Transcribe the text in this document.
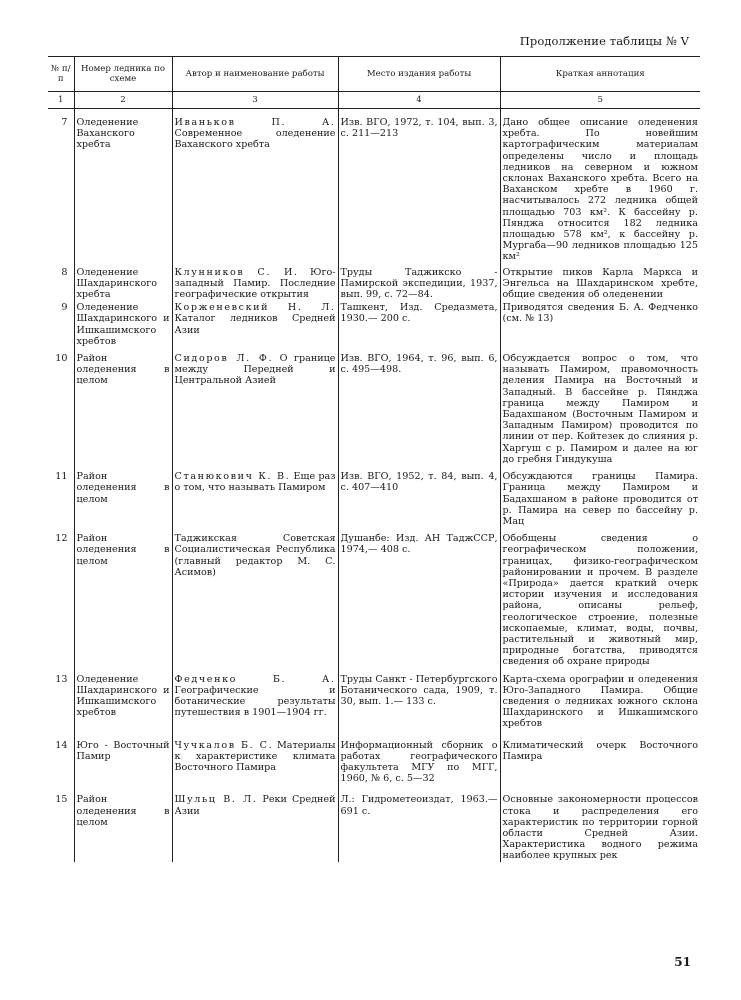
Продолжение таблицы № V
№ п/п	Номер ледника по схеме	Автор и наименование работы	Место издания работы	Краткая аннотация
1	2	3	4	5

7	Оледенение Ваханского хребта	Иваньков П. А. Современное оледенение Ваханского хребта	Изв. ВГО, 1972, т. 104, вып. 3, с. 211—213	Дано общее описание оледенения хребта. По новейшим картографическим материалам определены число и площадь ледников на северном и южном склонах Ваханского хребта. Всего на Ваханском хребте в 1960 г. насчитывалось 272 ледника общей площадью 703 км². К бассейну р. Пянджа относится 182 ледника площадью 578 км², к бассейну р. Мургаба—90 ледников площадью 125 км²

8	Оледенение Шахдаринского хребта	Клунников С. И. Юго-западный Памир. Последние географические открытия	Труды Таджикско - Памирской экспедиции, 1937, вып. 99, с. 72—84.	Открытие пиков Карла Маркса и Энгельса на Шахдаринском хребте, общие сведения об оледенении

9	Оледенение Шахдаринского и Ишкашимского хребтов	Корженевский Н. Л. Каталог ледников Средней Азии	Ташкент, Изд. Средазмета, 1930.— 200 с.	Приводятся сведения Б. А. Федченко (см. № 13)

10	Район оледенения в целом	Сидоров Л. Ф. О границе между Передней и Центральной Азией	Изв. ВГО, 1964, т. 96, вып. 6, с. 495—498.	Обсуждается вопрос о том, что называть Памиром, правомочность деления Памира на Восточный и Западный. В бассейне р. Пянджа граница между Памиром и Бадахшаном (Восточным Памиром и Западным Памиром) проводится по линии от пер. Койтезек до слияния р. Харгуш с р. Памиром и далее на юг до гребня Гиндукуша

11	Район оледенения в целом	Станюкович К. В. Еще раз о том, что называть Памиром	Изв. ВГО, 1952, т. 84, вып. 4, с. 407—410	Обсуждаются границы Памира. Граница между Памиром и Бадахшаном в районе проводится от р. Памира на север по бассейну р. Мац

12	Район оледенения в целом	Таджикская Советская Социалистическая Республика (главный редактор М. С. Асимов)	Душанбе: Изд. АН ТаджССР, 1974,— 408 с.	Обобщены сведения о географическом положении, границах, физико-географическом районировании и прочем. В разделе «Природа» дается краткий очерк истории изучения и исследования района, описаны рельеф, геологическое строение, полезные ископаемые, климат, воды, почвы, растительный и животный мир, природные богатства, приводятся сведения об охране природы

13	Оледенение Шахдаринского и Ишкашимского хребтов	Федченко Б. А. Географические и ботанические результаты путешествия в 1901—1904 гг.	Труды Санкт - Петербургского Ботанического сада, 1909, т. 30, вып. 1.— 133 с.	Карта-схема орографии и оледенения Юго-Западного Памира. Общие сведения о ледниках южного склона Шахдаринского и Ишкашимского хребтов

14	Юго - Восточный Памир	Чучкалов Б. С. Материалы к характеристике климата Восточного Памира	Информационный сборник о работах географического факультета МГУ по МГГ, 1960, № 6, с. 5—32	Климатический очерк Восточного Памира

15	Район оледенения в целом	Шульц В. Л. Реки Средней Азии	Л.: Гидрометеоиздат, 1963.— 691 с.	Основные закономерности процессов стока и распределения его характеристик по территории горной области Средней Азии. Характеристика водного режима наиболее крупных рек
51
